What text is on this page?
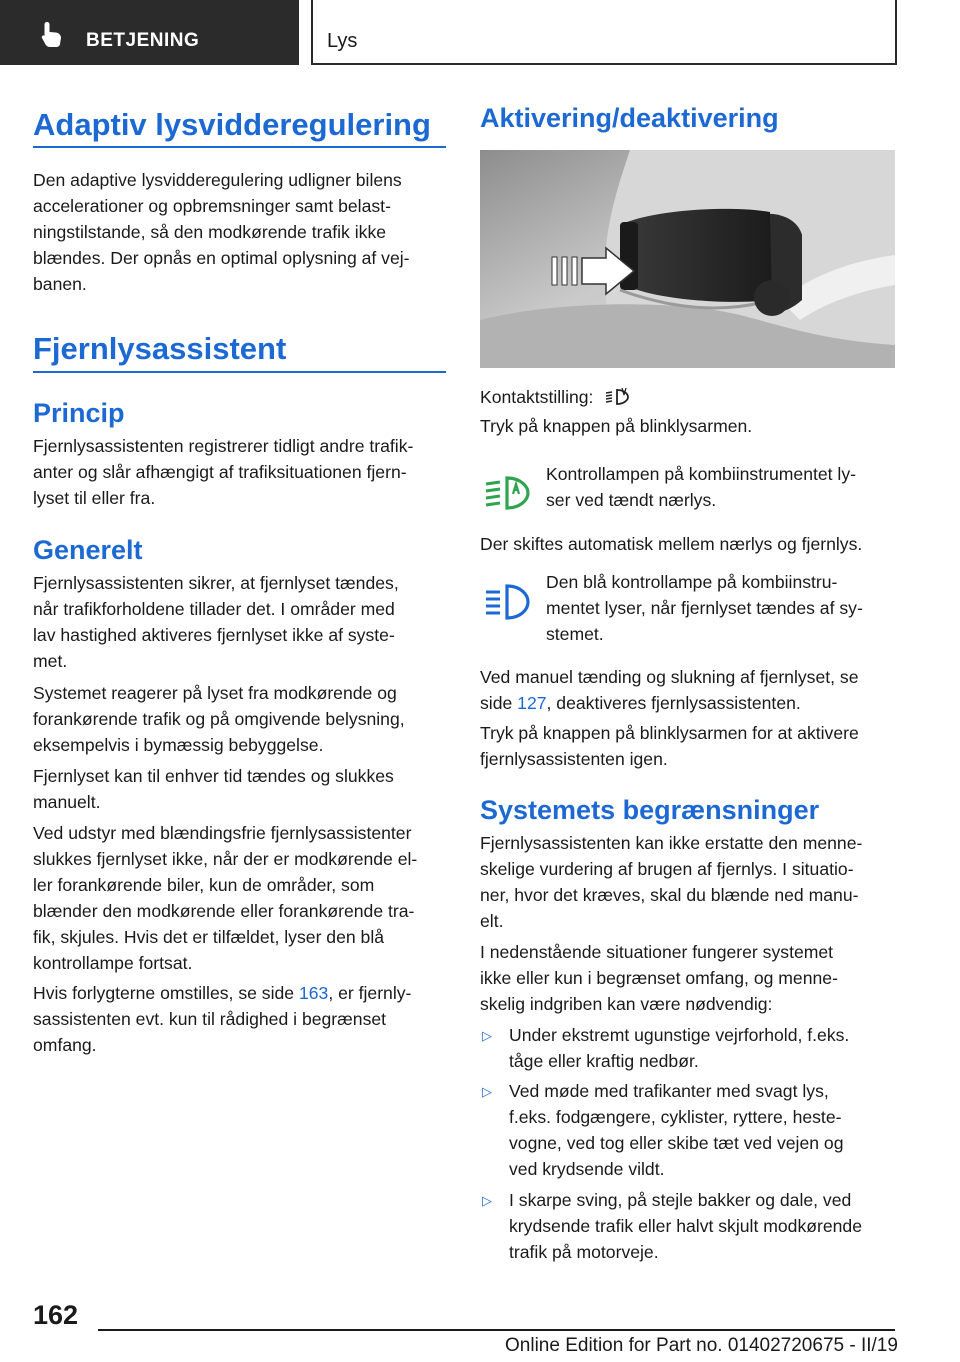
BETJENING	Lys
Adaptiv lysvidderegulering

Den adaptive lysvidderegulering udligner bilens

accelerationer og opbremsninger samt belast-

ningstilstande, så den modkørende trafik ikke

blændes. Der opnås en optimal oplysning af vej-

banen.

Fjernlysassistent
Princip

Fjernlysassistenten registrerer tidligt andre trafik-

anter og slår afhængigt af trafiksituationen fjern-

lyset til eller fra.

Generelt

Fjernlysassistenten sikrer, at fjernlyset tændes,

når trafikforholdene tillader det. I områder med

lav hastighed aktiveres fjernlyset ikke af syste-

met.

Systemet reagerer på lyset fra modkørende og

forankørende trafik og på omgivende belysning,

eksempelvis i bymæssig bebyggelse.

Fjernlyset kan til enhver tid tændes og slukkes

manuelt.

Ved udstyr med blændingsfrie fjernlysassistenter

slukkes fjernlyset ikke, når der er modkørende el-

ler forankørende biler, kun de områder, som

blænder den modkørende eller forankørende tra-

fik, skjules. Hvis det er tilfældet, lyser den blå

kontrollampe fortsat.

Hvis forlygterne omstilles, se side 163, er fjernly-

sassistenten evt. kun til rådighed i begrænset

omfang.

Aktivering/deaktivering

Kontaktstilling:

Tryk på knappen på blinklysarmen.

Kontrollampen på kombiinstrumentet ly-

ser ved tændt nærlys.

Der skiftes automatisk mellem nærlys og fjernlys.

Den blå kontrollampe på kombiinstru-

mentet lyser, når fjernlyset tændes af sy-

stemet.

Ved manuel tænding og slukning af fjernlyset, se

side 127, deaktiveres fjernlysassistenten.

Tryk på knappen på blinklysarmen for at aktivere

fjernlysassistenten igen.

Systemets begrænsninger

Fjernlysassistenten kan ikke erstatte den menne-

skelige vurdering af brugen af fjernlys. I situatio-

ner, hvor det kræves, skal du blænde ned manu-

elt.

I nedenstående situationer fungerer systemet

ikke eller kun i begrænset omfang, og menne-

skelig indgriben kan være nødvendig:

▷ Under ekstremt ugunstige vejrforhold, f.eks.

tåge eller kraftig nedbør.

▷ Ved møde med trafikanter med svagt lys,

f.eks. fodgængere, cyklister, ryttere, heste-

vogne, ved tog eller skibe tæt ved vejen og

ved krydsende vildt.

▷ I skarpe sving, på stejle bakker og dale, ved

krydsende trafik eller halvt skjult modkørende

trafik på motorveje.

162
Online Edition for Part no. 01402720675 - II/19
